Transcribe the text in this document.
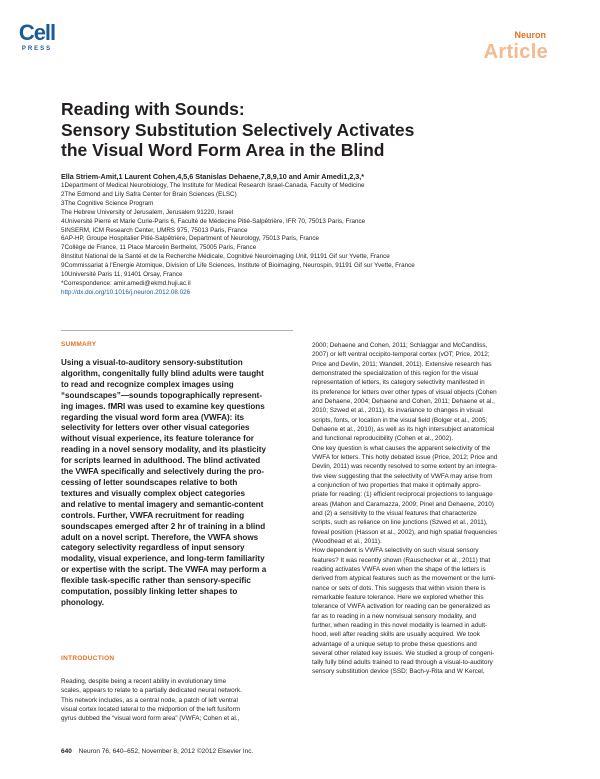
Cell
PRESS
Neuron
Article
Reading with Sounds:
Sensory Substitution Selectively Activates
the Visual Word Form Area in the Blind
Ella Striem-Amit,1 Laurent Cohen,4,5,6 Stanislas Dehaene,7,8,9,10 and Amir Amedi1,2,3,*
1Department of Medical Neurobiology, The Institute for Medical Research Israel-Canada, Faculty of Medicine
2The Edmond and Lily Safra Center for Brain Sciences (ELSC)
3The Cognitive Science Program
The Hebrew University of Jerusalem, Jerusalem 91220, Israel
4Université Pierre et Marie Curie-Paris 6, Faculté de Médecine Pitié-Salpêtrière, IFR 70, 75013 Paris, France
5INSERM, ICM Research Center, UMRS 975, 75013 Paris, France
6AP-HP, Groupe Hospitalier Pitié-Salpêtrière, Department of Neurology, 75013 Paris, France
7Collège de France, 11 Place Marcelin Berthelot, 75005 Paris, France
8Institut National de la Santé et de la Recherche Médicale, Cognitive Neuroimaging Unit, 91191 Gif sur Yvette, France
9Commissariat à l'Energie Atomique, Division of Life Sciences, Institute of Bioimaging, Neurospin, 91191 Gif sur Yvette, France
10Université Paris 11, 91401 Orsay, France
*Correspondence: amir.amedi@ekmd.huji.ac.il
http://dx.doi.org/10.1016/j.neuron.2012.08.026
SUMMARY
Using a visual-to-auditory sensory-substitution
algorithm, congenitally fully blind adults were taught
to read and recognize complex images using
“soundscapes”—sounds topographically represent-
ing images. fMRI was used to examine key questions
regarding the visual word form area (VWFA): its
selectivity for letters over other visual categories
without visual experience, its feature tolerance for
reading in a novel sensory modality, and its plasticity
for scripts learned in adulthood. The blind activated
the VWFA specifically and selectively during the pro-
cessing of letter soundscapes relative to both
textures and visually complex object categories
and relative to mental imagery and semantic-content
controls. Further, VWFA recruitment for reading
soundscapes emerged after 2 hr of training in a blind
adult on a novel script. Therefore, the VWFA shows
category selectivity regardless of input sensory
modality, visual experience, and long-term familiarity
or expertise with the script. The VWFA may perform a
flexible task-specific rather than sensory-specific
computation, possibly linking letter shapes to
phonology.
INTRODUCTION
Reading, despite being a recent ability in evolutionary time
scales, appears to relate to a partially dedicated neural network.
This network includes, as a central node, a patch of left ventral
visual cortex located lateral to the midportion of the left fusiform
gyrus dubbed the “visual word form area” (VWFA; Cohen et al.,
2000; Dehaene and Cohen, 2011; Schlaggar and McCandliss,
2007) or left ventral occipito-temporal cortex (vOT; Price, 2012;
Price and Devlin, 2011; Wandell, 2011). Extensive research has
demonstrated the specialization of this region for the visual
representation of letters, its category selectivity manifested in
its preference for letters over other types of visual objects (Cohen
and Dehaene, 2004; Dehaene and Cohen, 2011; Dehaene et al.,
2010; Szwed et al., 2011), its invariance to changes in visual
scripts, fonts, or location in the visual field (Bolger et al., 2005;
Dehaene et al., 2010), as well as its high intersubject anatomical
and functional reproducibility (Cohen et al., 2002).
One key question is what causes the apparent selectivity of the
VWFA for letters. This hotly debated issue (Price, 2012; Price and
Devlin, 2011) was recently resolved to some extent by an integra-
tive view suggesting that the selectivity of VWFA may arise from
a conjunction of two properties that make it optimally appro-
priate for reading: (1) efficient reciprocal projections to language
areas (Mahon and Caramazza, 2009; Pinel and Dehaene, 2010)
and (2) a sensitivity to the visual features that characterize
scripts, such as reliance on line junctions (Szwed et al., 2011),
foveal position (Hasson et al., 2002), and high spatial frequencies
(Woodhead et al., 2011).
How dependent is VWFA selectivity on such visual sensory
features? It was recently shown (Rauschecker et al., 2011) that
reading activates VWFA even when the shape of the letters is
derived from atypical features such as the movement or the lumi-
nance or sets of dots. This suggests that within vision there is
remarkable feature tolerance. Here we explored whether this
tolerance of VWFA activation for reading can be generalized as
far as to reading in a new nonvisual sensory modality, and
further, when reading in this novel modality is learned in adult-
hood, well after reading skills are usually acquired. We took
advantage of a unique setup to probe these questions and
several other related key issues. We studied a group of congeni-
tally fully blind adults trained to read through a visual-to-auditory
sensory substitution device (SSD; Bach-y-Rita and W Kercel,
640 Neuron 76, 640–652, November 8, 2012 ©2012 Elsevier Inc.
